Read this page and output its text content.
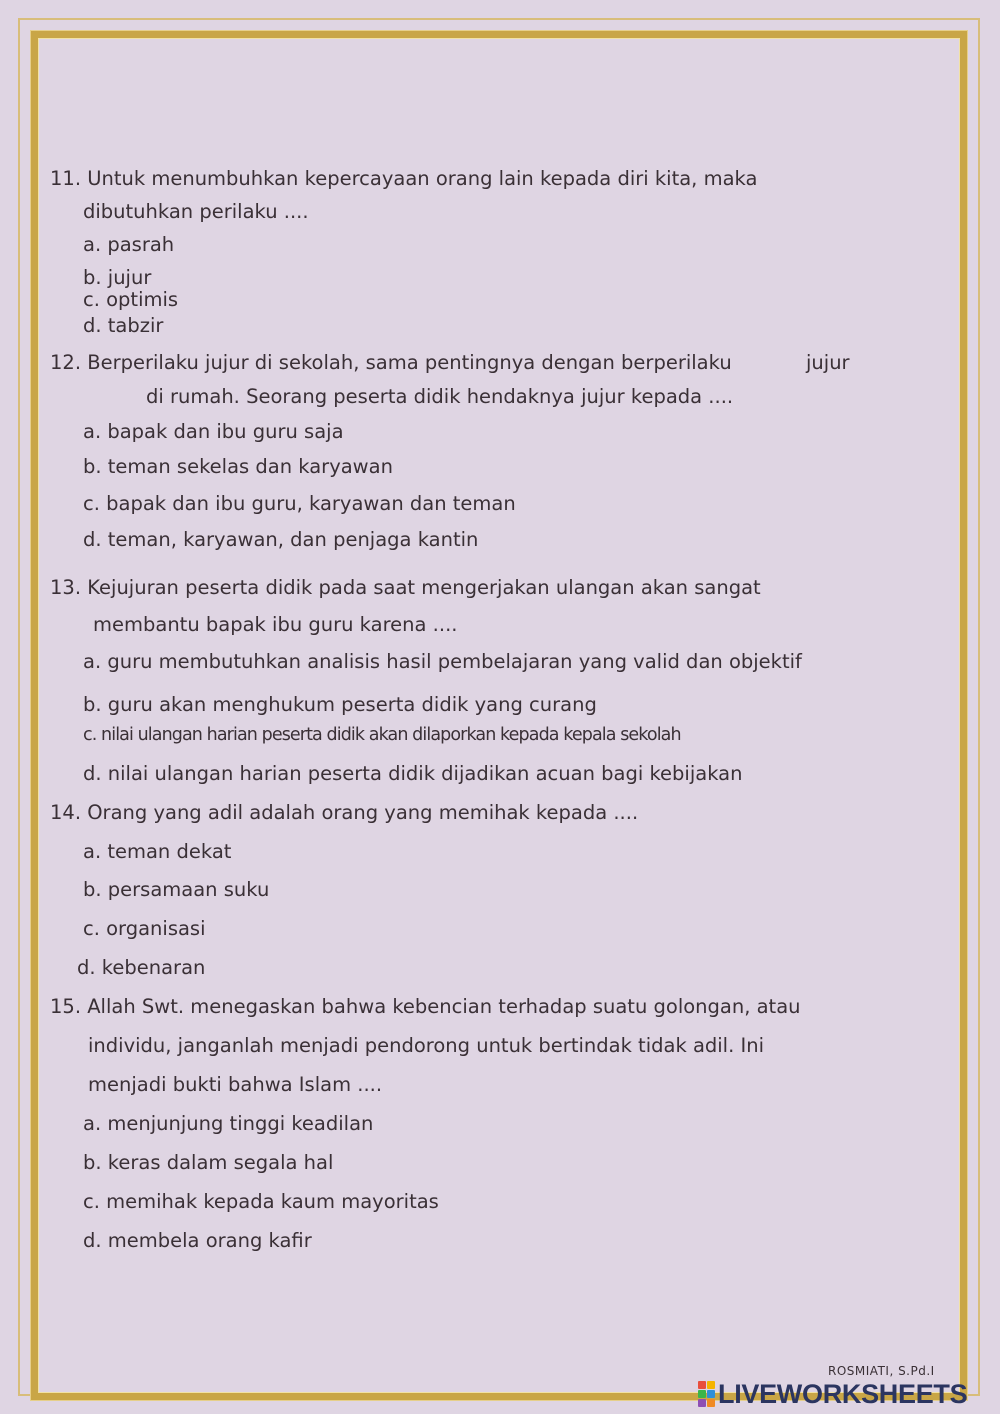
11. Untuk menumbuhkan kepercayaan orang lain kepada diri kita, maka
dibutuhkan perilaku ....
a. pasrah
b. jujur
c. optimis
d. tabzir
12. Berperilaku jujur di sekolah, sama pentingnya dengan berperilaku	jujur
di rumah. Seorang peserta didik hendaknya jujur kepada ....
a. bapak dan ibu guru saja
b. teman sekelas dan karyawan
c. bapak dan ibu guru, karyawan dan teman
d. teman, karyawan, dan penjaga kantin
13. Kejujuran peserta didik pada saat mengerjakan ulangan akan sangat
membantu bapak ibu guru karena ....
a. guru membutuhkan analisis hasil pembelajaran yang valid dan objektif
b. guru akan menghukum peserta didik yang curang
c. nilai ulangan harian peserta didik akan dilaporkan kepada kepala sekolah
d. nilai ulangan harian peserta didik dijadikan acuan bagi kebijakan
14. Orang yang adil adalah orang yang memihak kepada ....
a. teman dekat
b. persamaan suku
c. organisasi
d. kebenaran
15. Allah Swt. menegaskan bahwa kebencian terhadap suatu golongan, atau
individu, janganlah menjadi pendorong untuk bertindak tidak adil. Ini
menjadi bukti bahwa Islam ....
a. menjunjung tinggi keadilan
b. keras dalam segala hal
c. memihak kepada kaum mayoritas
d. membela orang kafir
ROSMIATI, S.Pd.I
LIVEWORKSHEETS
